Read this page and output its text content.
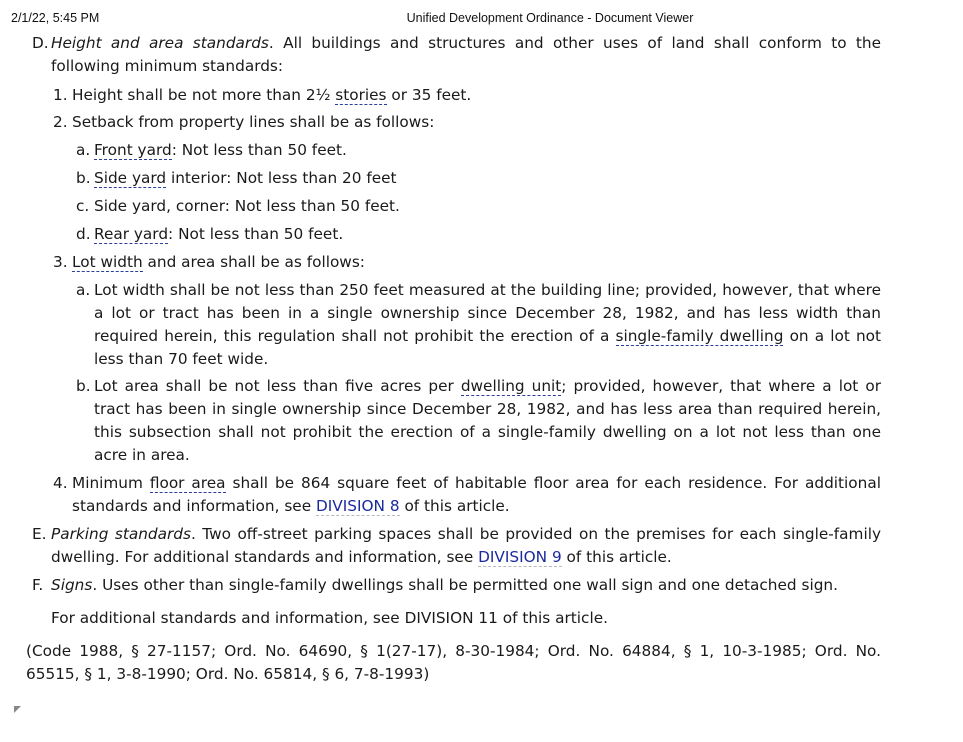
2/1/22, 5:45 PM	Unified Development Ordinance - Document Viewer
D. Height and area standards. All buildings and structures and other uses of land shall conform to the following minimum standards:
1. Height shall be not more than 2½ stories or 35 feet.
2. Setback from property lines shall be as follows:
a. Front yard: Not less than 50 feet.
b. Side yard interior: Not less than 20 feet
c. Side yard, corner: Not less than 50 feet.
d. Rear yard: Not less than 50 feet.
3. Lot width and area shall be as follows:
a. Lot width shall be not less than 250 feet measured at the building line; provided, however, that where a lot or tract has been in a single ownership since December 28, 1982, and has less width than required herein, this regulation shall not prohibit the erection of a single-family dwelling on a lot not less than 70 feet wide.
b. Lot area shall be not less than five acres per dwelling unit; provided, however, that where a lot or tract has been in single ownership since December 28, 1982, and has less area than required herein, this subsection shall not prohibit the erection of a single-family dwelling on a lot not less than one acre in area.
4. Minimum floor area shall be 864 square feet of habitable floor area for each residence. For additional standards and information, see DIVISION 8 of this article.
E. Parking standards. Two off-street parking spaces shall be provided on the premises for each single-family dwelling. For additional standards and information, see DIVISION 9 of this article.
F. Signs. Uses other than single-family dwellings shall be permitted one wall sign and one detached sign.
For additional standards and information, see DIVISION 11 of this article.
(Code 1988, § 27-1157; Ord. No. 64690, § 1(27-17), 8-30-1984; Ord. No. 64884, § 1, 10-3-1985; Ord. No. 65515, § 1, 3-8-1990; Ord. No. 65814, § 6, 7-8-1993)
